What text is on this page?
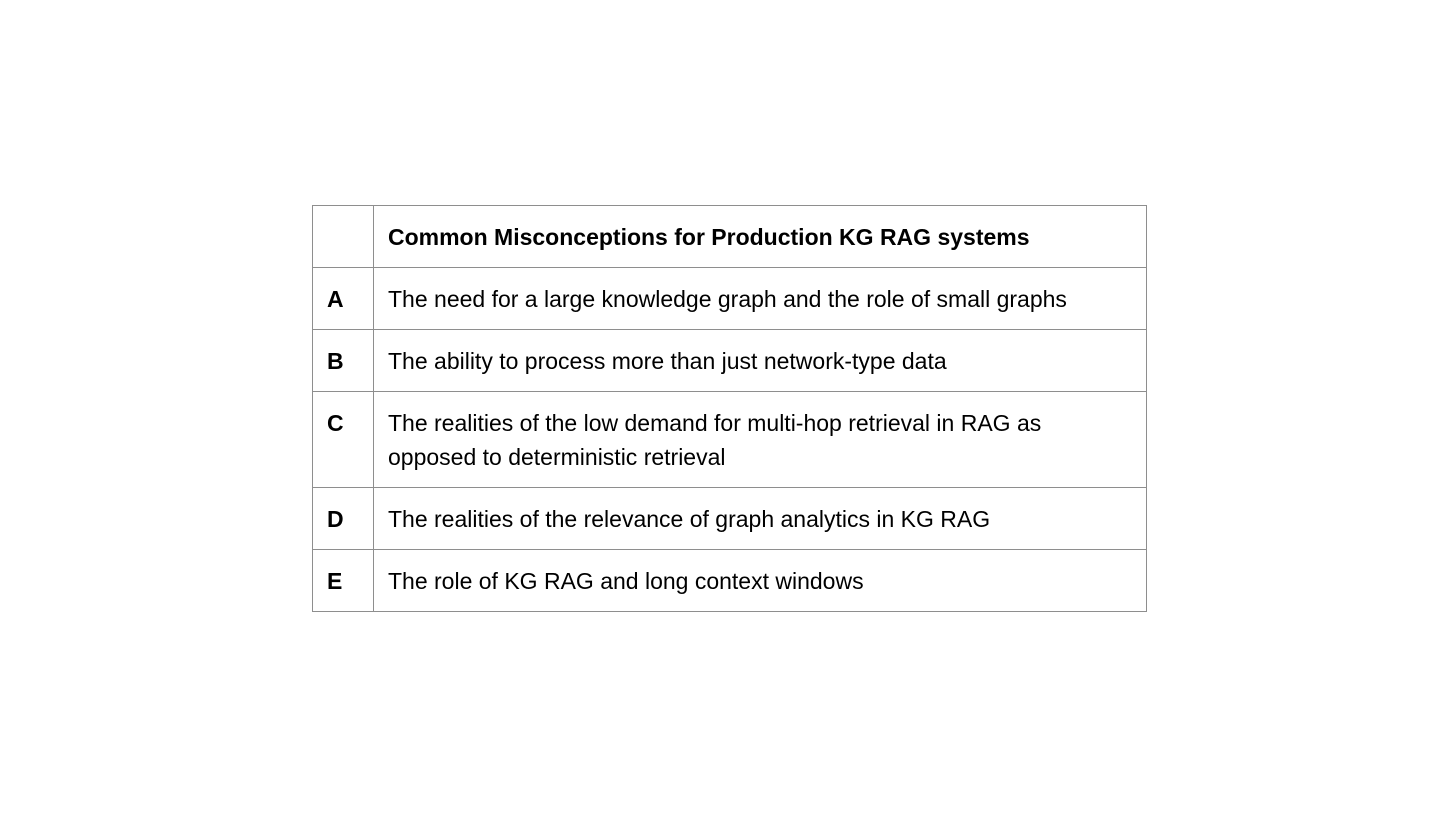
	Common Misconceptions for Production KG RAG systems
A	The need for a large knowledge graph and the role of small graphs
B	The ability to process more than just network-type data
C	The realities of the low demand for multi-hop retrieval in RAG as opposed to deterministic retrieval
D	The realities of the relevance of graph analytics in KG RAG
E	The role of KG RAG and long context windows
